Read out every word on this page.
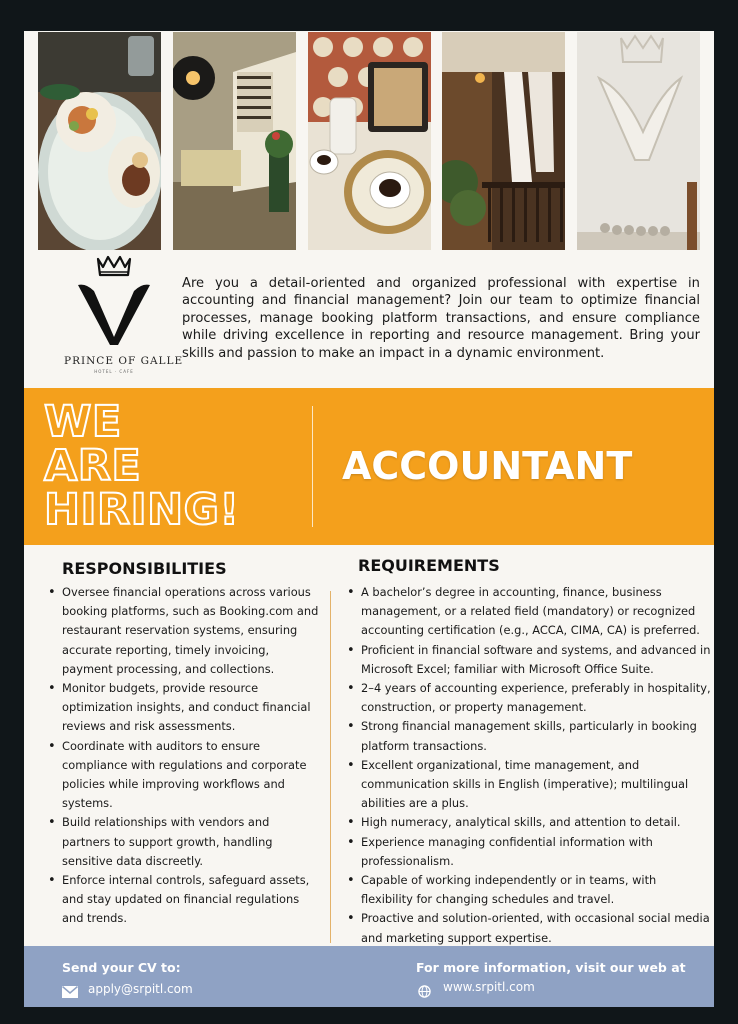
PRINCE OF GALLE
HOTEL · CAFE

Are you a detail-oriented and organized professional with expertise in accounting and financial management? Join our team to optimize financial processes, manage booking platform transactions, and ensure compliance while driving excellence in reporting and resource management. Bring your skills and passion to make an impact in a dynamic environment.

WE
ARE
HIRING!
ACCOUNTANT
RESPONSIBILITIES
• Oversee financial operations across various booking platforms, such as Booking.com and restaurant reservation systems, ensuring accurate reporting, timely invoicing, payment processing, and collections.
• Monitor budgets, provide resource optimization insights, and conduct financial reviews and risk assessments.
• Coordinate with auditors to ensure compliance with regulations and corporate policies while improving workflows and systems.
• Build relationships with vendors and partners to support growth, handling sensitive data discreetly.
• Enforce internal controls, safeguard assets, and stay updated on financial regulations and trends.
REQUIREMENTS
• A bachelor’s degree in accounting, finance, business management, or a related field (mandatory) or recognized accounting certification (e.g., ACCA, CIMA, CA) is preferred.
• Proficient in financial software and systems, and advanced in Microsoft Excel; familiar with Microsoft Office Suite.
• 2–4 years of accounting experience, preferably in hospitality, construction, or property management.
• Strong financial management skills, particularly in booking platform transactions.
• Excellent organizational, time management, and communication skills in English (imperative); multilingual abilities are a plus.
• High numeracy, analytical skills, and attention to detail.
• Experience managing confidential information with professionalism.
• Capable of working independently or in teams, with flexibility for changing schedules and travel.
• Proactive and solution-oriented, with occasional social media and marketing support expertise.
Send your CV to:
apply@srpitl.com
For more information, visit our web at
www.srpitl.com
